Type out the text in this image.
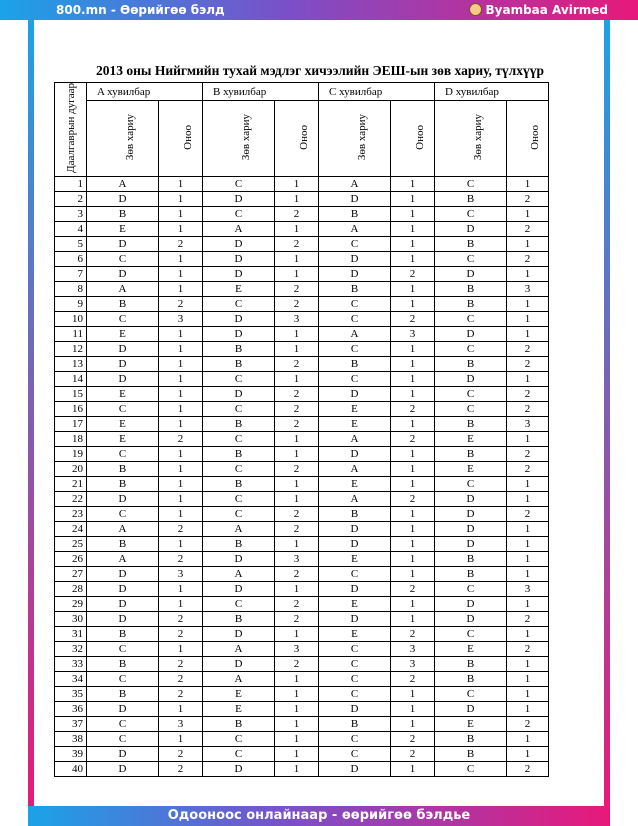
800.mn - Өөрийгөө бэлд	Byambaa Avirmed
2013 оны Нийгмийн тухай мэдлэг хичээлийн ЭЕШ-ын зөв хариу, түлхүүр
Даалгаврын дугаар	A хувилбар		B хувилбар		C хувилбар		D хувилбар	
	Зөв хариу	Оноо	Зөв хариу	Оноо	Зөв хариу	Оноо	Зөв хариу	Оноо
1	A	1	C	1	A	1	C	1
2	D	1	D	1	D	1	B	2
3	B	1	C	2	B	1	C	1
4	E	1	A	1	A	1	D	2
5	D	2	D	2	C	1	B	1
6	C	1	D	1	D	1	C	2
7	D	1	D	1	D	2	D	1
8	A	1	E	2	B	1	B	3
9	B	2	C	2	C	1	B	1
10	C	3	D	3	C	2	C	1
11	E	1	D	1	A	3	D	1
12	D	1	B	1	C	1	C	2
13	D	1	B	2	B	1	B	2
14	D	1	C	1	C	1	D	1
15	E	1	D	2	D	1	C	2
16	C	1	C	2	E	2	C	2
17	E	1	B	2	E	1	B	3
18	E	2	C	1	A	2	E	1
19	C	1	B	1	D	1	B	2
20	B	1	C	2	A	1	E	2
21	B	1	B	1	E	1	C	1
22	D	1	C	1	A	2	D	1
23	C	1	C	2	B	1	D	2
24	A	2	A	2	D	1	D	1
25	B	1	B	1	D	1	D	1
26	A	2	D	3	E	1	B	1
27	D	3	A	2	C	1	B	1
28	D	1	D	1	D	2	C	3
29	D	1	C	2	E	1	D	1
30	D	2	B	2	D	1	D	2
31	B	2	D	1	E	2	C	1
32	C	1	A	3	C	3	E	2
33	B	2	D	2	C	3	B	1
34	C	2	A	1	C	2	B	1
35	B	2	E	1	C	1	C	1
36	D	1	E	1	D	1	D	1
37	C	3	B	1	B	1	E	2
38	C	1	C	1	C	2	B	1
39	D	2	C	1	C	2	B	1
40	D	2	D	1	D	1	C	2
Одооноос онлайнаар - өөрийгөө бэлдье
